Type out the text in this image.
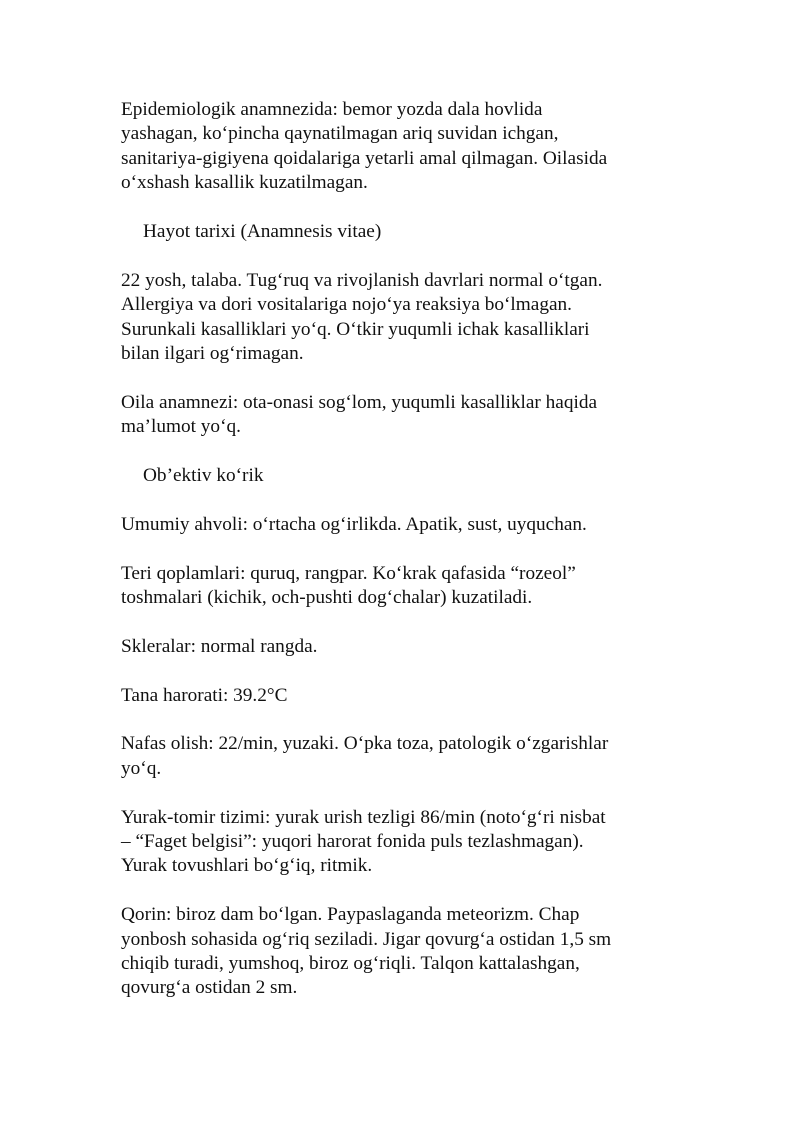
Epidemiologik anamnezida: bemor yozda dala hovlida
yashagan, ko‘pincha qaynatilmagan ariq suvidan ichgan,
sanitariya-gigiyena qoidalariga yetarli amal qilmagan. Oilasida
o‘xshash kasallik kuzatilmagan.

Hayot tarixi (Anamnesis vitae)

22 yosh, talaba. Tug‘ruq va rivojlanish davrlari normal o‘tgan.
Allergiya va dori vositalariga nojo‘ya reaksiya bo‘lmagan.
Surunkali kasalliklari yo‘q. O‘tkir yuqumli ichak kasalliklari
bilan ilgari og‘rimagan.

Oila anamnezi: ota-onasi sog‘lom, yuqumli kasalliklar haqida
ma’lumot yo‘q.

Ob’ektiv ko‘rik

Umumiy ahvoli: o‘rtacha og‘irlikda. Apatik, sust, uyquchan.

Teri qoplamlari: quruq, rangpar. Ko‘krak qafasida “rozeol”
toshmalari (kichik, och-pushti dog‘chalar) kuzatiladi.

Skleralar: normal rangda.

Tana harorati: 39.2°C

Nafas olish: 22/min, yuzaki. O‘pka toza, patologik o‘zgarishlar
yo‘q.

Yurak-tomir tizimi: yurak urish tezligi 86/min (noto‘g‘ri nisbat
– “Faget belgisi”: yuqori harorat fonida puls tezlashmagan).
Yurak tovushlari bo‘g‘iq, ritmik.

Qorin: biroz dam bo‘lgan. Paypaslaganda meteorizm. Chap
yonbosh sohasida og‘riq seziladi. Jigar qovurg‘a ostidan 1,5 sm
chiqib turadi, yumshoq, biroz og‘riqli. Talqon kattalashgan,
qovurg‘a ostidan 2 sm.
